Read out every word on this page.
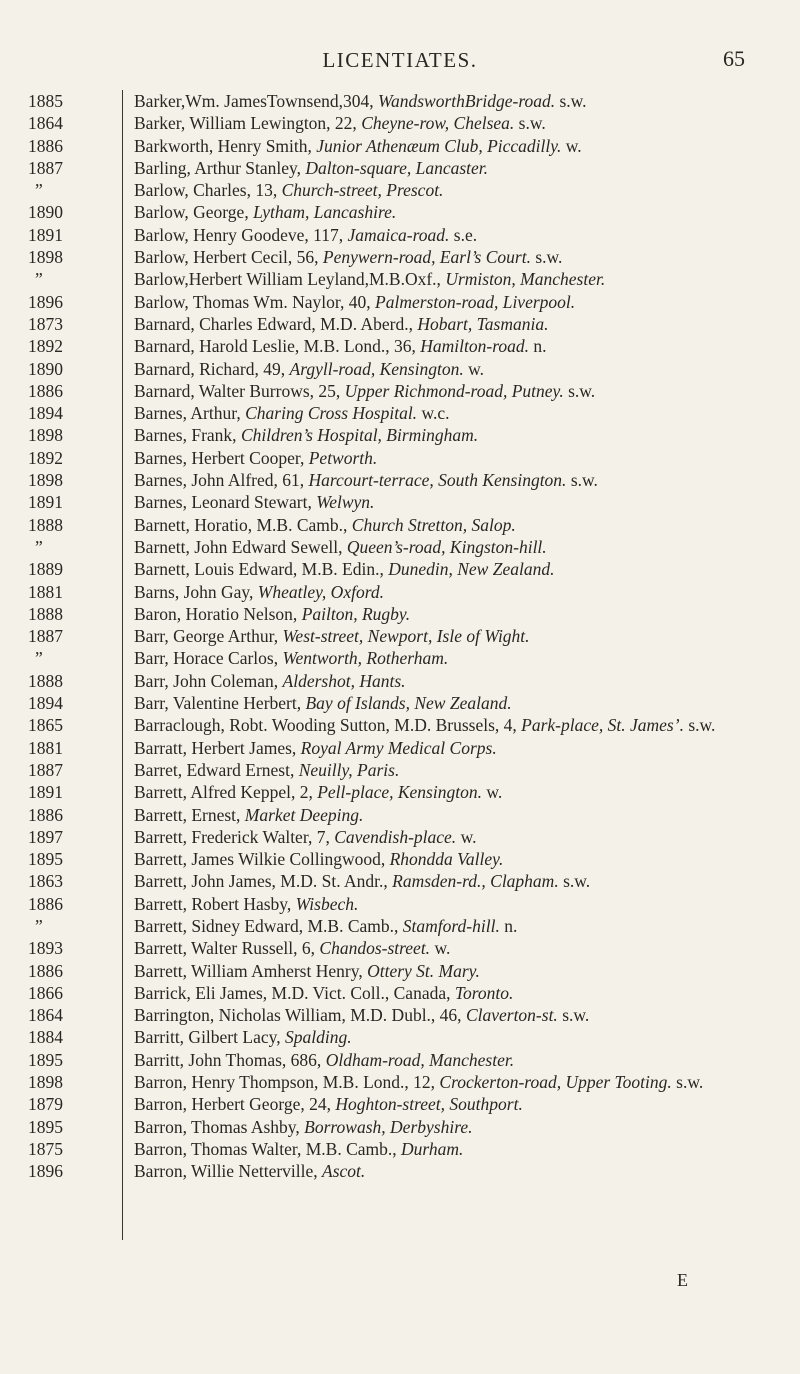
LICENTIATES.	65
1885	Barker,Wm. JamesTownsend,304, WandsworthBridge-road. s.w.
1864	Barker, William Lewington, 22, Cheyne-row, Chelsea. s.w.
1886	Barkworth, Henry Smith, Junior Athenæum Club, Piccadilly. w.
1887	Barling, Arthur Stanley, Dalton-square, Lancaster.
”	Barlow, Charles, 13, Church-street, Prescot.
1890	Barlow, George, Lytham, Lancashire.
1891	Barlow, Henry Goodeve, 117, Jamaica-road. s.e.
1898	Barlow, Herbert Cecil, 56, Penywern-road, Earl’s Court. s.w.
”	Barlow,Herbert William Leyland,M.B.Oxf., Urmiston, Manchester.
1896	Barlow, Thomas Wm. Naylor, 40, Palmerston-road, Liverpool.
1873	Barnard, Charles Edward, M.D. Aberd., Hobart, Tasmania.
1892	Barnard, Harold Leslie, M.B. Lond., 36, Hamilton-road. n.
1890	Barnard, Richard, 49, Argyll-road, Kensington. w.
1886	Barnard, Walter Burrows, 25, Upper Richmond-road, Putney. s.w.
1894	Barnes, Arthur, Charing Cross Hospital. w.c.
1898	Barnes, Frank, Children’s Hospital, Birmingham.
1892	Barnes, Herbert Cooper, Petworth.
1898	Barnes, John Alfred, 61, Harcourt-terrace, South Kensington. s.w.
1891	Barnes, Leonard Stewart, Welwyn.
1888	Barnett, Horatio, M.B. Camb., Church Stretton, Salop.
”	Barnett, John Edward Sewell, Queen’s-road, Kingston-hill.
1889	Barnett, Louis Edward, M.B. Edin., Dunedin, New Zealand.
1881	Barns, John Gay, Wheatley, Oxford.
1888	Baron, Horatio Nelson, Pailton, Rugby.
1887	Barr, George Arthur, West-street, Newport, Isle of Wight.
”	Barr, Horace Carlos, Wentworth, Rotherham.
1888	Barr, John Coleman, Aldershot, Hants.
1894	Barr, Valentine Herbert, Bay of Islands, New Zealand.
1865	Barraclough, Robt. Wooding Sutton, M.D. Brussels, 4, Park-place, St. James’. s.w.
1881	Barratt, Herbert James, Royal Army Medical Corps.
1887	Barret, Edward Ernest, Neuilly, Paris.
1891	Barrett, Alfred Keppel, 2, Pell-place, Kensington. w.
1886	Barrett, Ernest, Market Deeping.
1897	Barrett, Frederick Walter, 7, Cavendish-place. w.
1895	Barrett, James Wilkie Collingwood, Rhondda Valley.
1863	Barrett, John James, M.D. St. Andr., Ramsden-rd., Clapham. s.w.
1886	Barrett, Robert Hasby, Wisbech.
”	Barrett, Sidney Edward, M.B. Camb., Stamford-hill. n.
1893	Barrett, Walter Russell, 6, Chandos-street. w.
1886	Barrett, William Amherst Henry, Ottery St. Mary.
1866	Barrick, Eli James, M.D. Vict. Coll., Canada, Toronto.
1864	Barrington, Nicholas William, M.D. Dubl., 46, Claverton-st. s.w.
1884	Barritt, Gilbert Lacy, Spalding.
1895	Barritt, John Thomas, 686, Oldham-road, Manchester.
1898	Barron, Henry Thompson, M.B. Lond., 12, Crockerton-road, Upper Tooting. s.w.
1879	Barron, Herbert George, 24, Hoghton-street, Southport.
1895	Barron, Thomas Ashby, Borrowash, Derbyshire.
1875	Barron, Thomas Walter, M.B. Camb., Durham.
1896	Barron, Willie Netterville, Ascot.
E
